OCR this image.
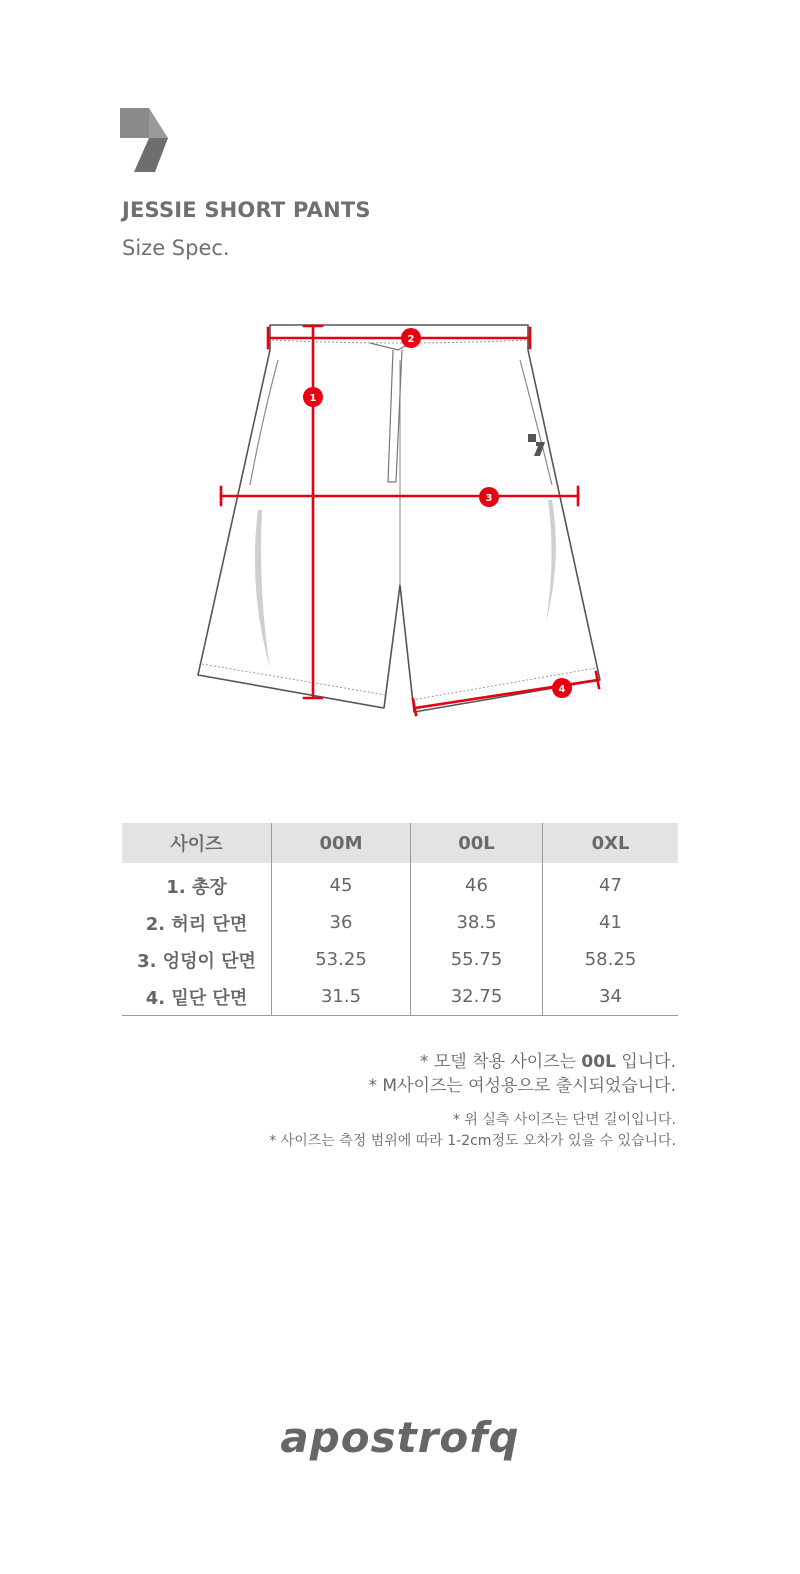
JESSIE SHORT PANTS
Size Spec.
1
2
3
4
사이즈	00M	00L	0XL
1. 총장	45	46	47
2. 허리 단면	36	38.5	41
3. 엉덩이 단면	53.25	55.75	58.25
4. 밑단 단면	31.5	32.75	34
* 모델 착용 사이즈는 00L 입니다.
* M사이즈는 여성용으로 출시되었습니다.
* 위 실측 사이즈는 단면 길이입니다.
* 사이즈는 측정 범위에 따라 1-2cm정도 오차가 있을 수 있습니다.
apostrofq
